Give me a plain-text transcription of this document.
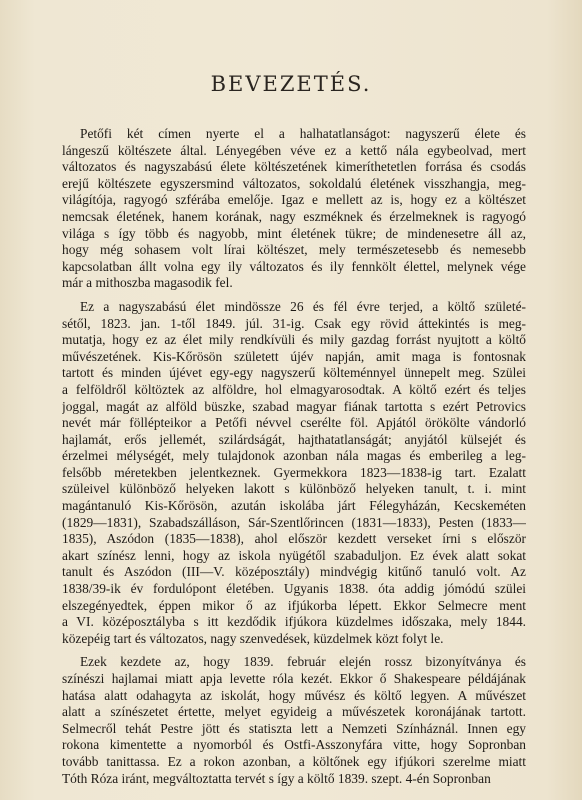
BEVEZETÉS.
Petőfi két címen nyerte el a halhatatlanságot: nagyszerű élete és
lángeszű költészete által. Lényegében véve ez a kettő nála egybeolvad, mert
változatos és nagyszabású élete költészetének kimeríthetetlen forrása és csodás
erejű költészete egyszersmind változatos, sokoldalú életének visszhangja, meg-
világítója, ragyogó szférába emelője. Igaz e mellett az is, hogy ez a költészet
nemcsak életének, hanem korának, nagy eszméknek és érzelmeknek is ragyogó
világa s így több és nagyobb, mint életének tükre; de mindenesetre áll az,
hogy még sohasem volt lírai költészet, mely természetesebb és nemesebb
kapcsolatban állt volna egy ily változatos és ily fennkölt élettel, melynek vége
már a mithoszba magasodik fel.
Ez a nagyszabású élet mindössze 26 és fél évre terjed, a költő születé-
sétől, 1823. jan. 1-től 1849. júl. 31-ig. Csak egy rövid áttekintés is meg-
mutatja, hogy ez az élet mily rendkívüli és mily gazdag forrást nyujtott a költő
művészetének. Kis-Kőrösön született újév napján, amit maga is fontosnak
tartott és minden újévet egy-egy nagyszerű költeménnyel ünnepelt meg. Szülei
a felföldről költöztek az alföldre, hol elmagyarosodtak. A költő ezért és teljes
joggal, magát az alföld büszke, szabad magyar fiának tartotta s ezért Petrovics
nevét már föllépteikor a Petőfi névvel cserélte föl. Apjától örökölte vándorló
hajlamát, erős jellemét, szilárdságát, hajthatatlanságát; anyjától külsejét és
érzelmei mélységét, mely tulajdonok azonban nála magas és emberileg a leg-
felsőbb méretekben jelentkeznek. Gyermekkora 1823—1838-ig tart. Ezalatt
szüleivel különböző helyeken lakott s különböző helyeken tanult, t. i. mint
magántanuló Kis-Kőrösön, azután iskolába járt Félegyházán, Kecskeméten
(1829—1831), Szabadszálláson, Sár-Szentlőrincen (1831—1833), Pesten (1833—
1835), Aszódon (1835—1838), ahol először kezdett verseket írni s először
akart színész lenni, hogy az iskola nyügétől szabaduljon. Ez évek alatt sokat
tanult és Aszódon (III—V. középosztály) mindvégig kitűnő tanuló volt. Az
1838/39-ik év fordulópont életében. Ugyanis 1838. óta addig jómódú szülei
elszegényedtek, éppen mikor ő az ifjúkorba lépett. Ekkor Selmecre ment
a VI. középosztályba s itt kezdődik ifjúkora küzdelmes időszaka, mely 1844.
közepéig tart és változatos, nagy szenvedések, küzdelmek közt folyt le.
Ezek kezdete az, hogy 1839. február elején rossz bizonyítványa és
színészi hajlamai miatt apja levette róla kezét. Ekkor ő Shakespeare példájának
hatása alatt odahagyta az iskolát, hogy művész és költő legyen. A művészet
alatt a színészetet értette, melyet egyideig a művészetek koronájának tartott.
Selmecről tehát Pestre jött és statiszta lett a Nemzeti Színháznál. Innen egy
rokona kimentette a nyomorból és Ostfi-Asszonyfára vitte, hogy Sopronban
tovább tanittassa. Ez a rokon azonban, a költőnek egy ifjúkori szerelme miatt
Tóth Róza iránt, megváltoztatta tervét s így a költő 1839. szept. 4-én Sopronban
